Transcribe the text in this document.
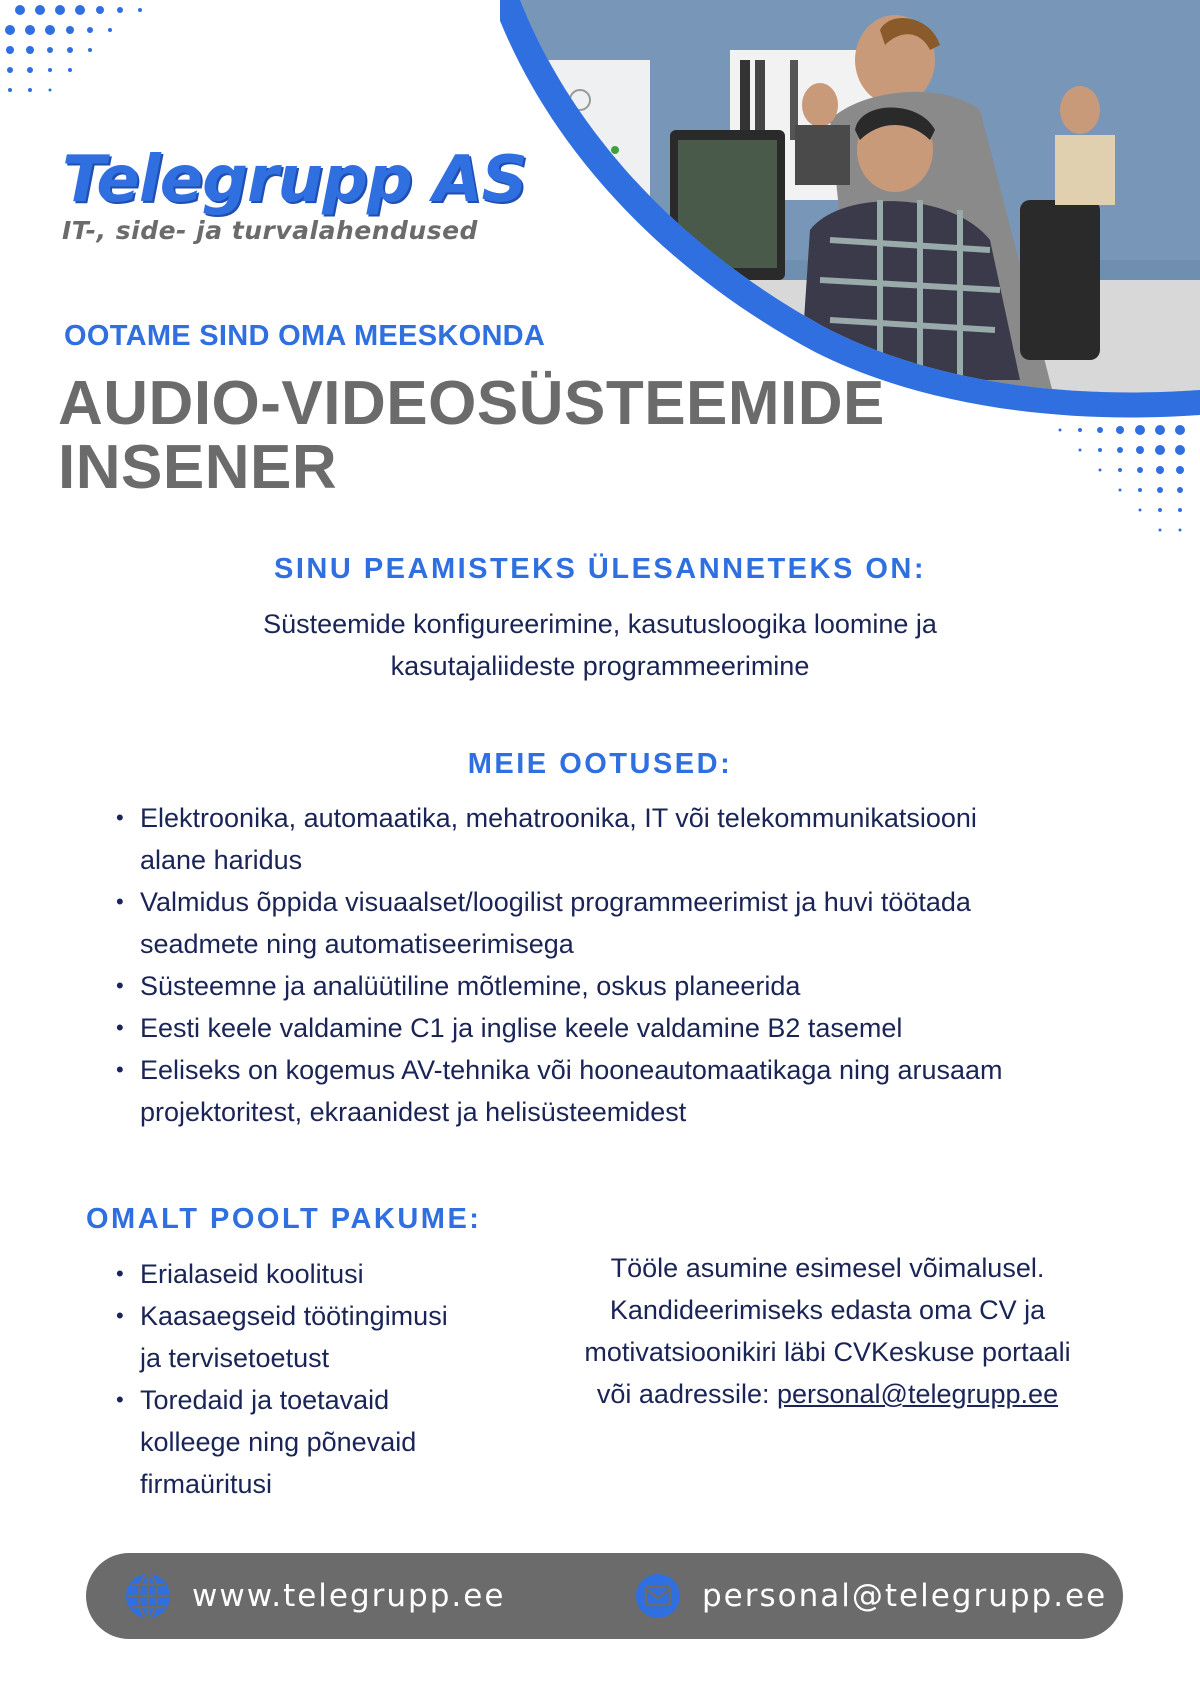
Telegrupp AS
IT-, side- ja turvalahendused
OOTAME SIND OMA MEESKONDA
AUDIO-VIDEOSÜSTEEMIDE
INSENER
SINU PEAMISTEKS ÜLESANNETEKS ON:
Süsteemide konfigureerimine, kasutusloogika loomine ja
kasutajaliideste programmeerimine
MEIE OOTUSED:
• Elektroonika, automaatika, mehatroonika, IT või telekommunikatsiooni
alane haridus
• Valmidus õppida visuaalset/loogilist programmeerimist ja huvi töötada
seadmete ning automatiseerimisega
• Süsteemne ja analüütiline mõtlemine, oskus planeerida
• Eesti keele valdamine C1 ja inglise keele valdamine B2 tasemel
• Eeliseks on kogemus AV-tehnika või hooneautomaatikaga ning arusaam
projektoritest, ekraanidest ja helisüsteemidest
OMALT POOLT PAKUME:
• Erialaseid koolitusi
• Kaasaegseid töötingimusi
ja tervisetoetust
• Toredaid ja toetavaid
kolleege ning põnevaid
firmaüritusi
Tööle asumine esimesel võimalusel.
Kandideerimiseks edasta oma CV ja
motivatsioonikiri läbi CVKeskuse portaali
või aadressile: personal@telegrupp.ee
www.telegrupp.ee	personal@telegrupp.ee
